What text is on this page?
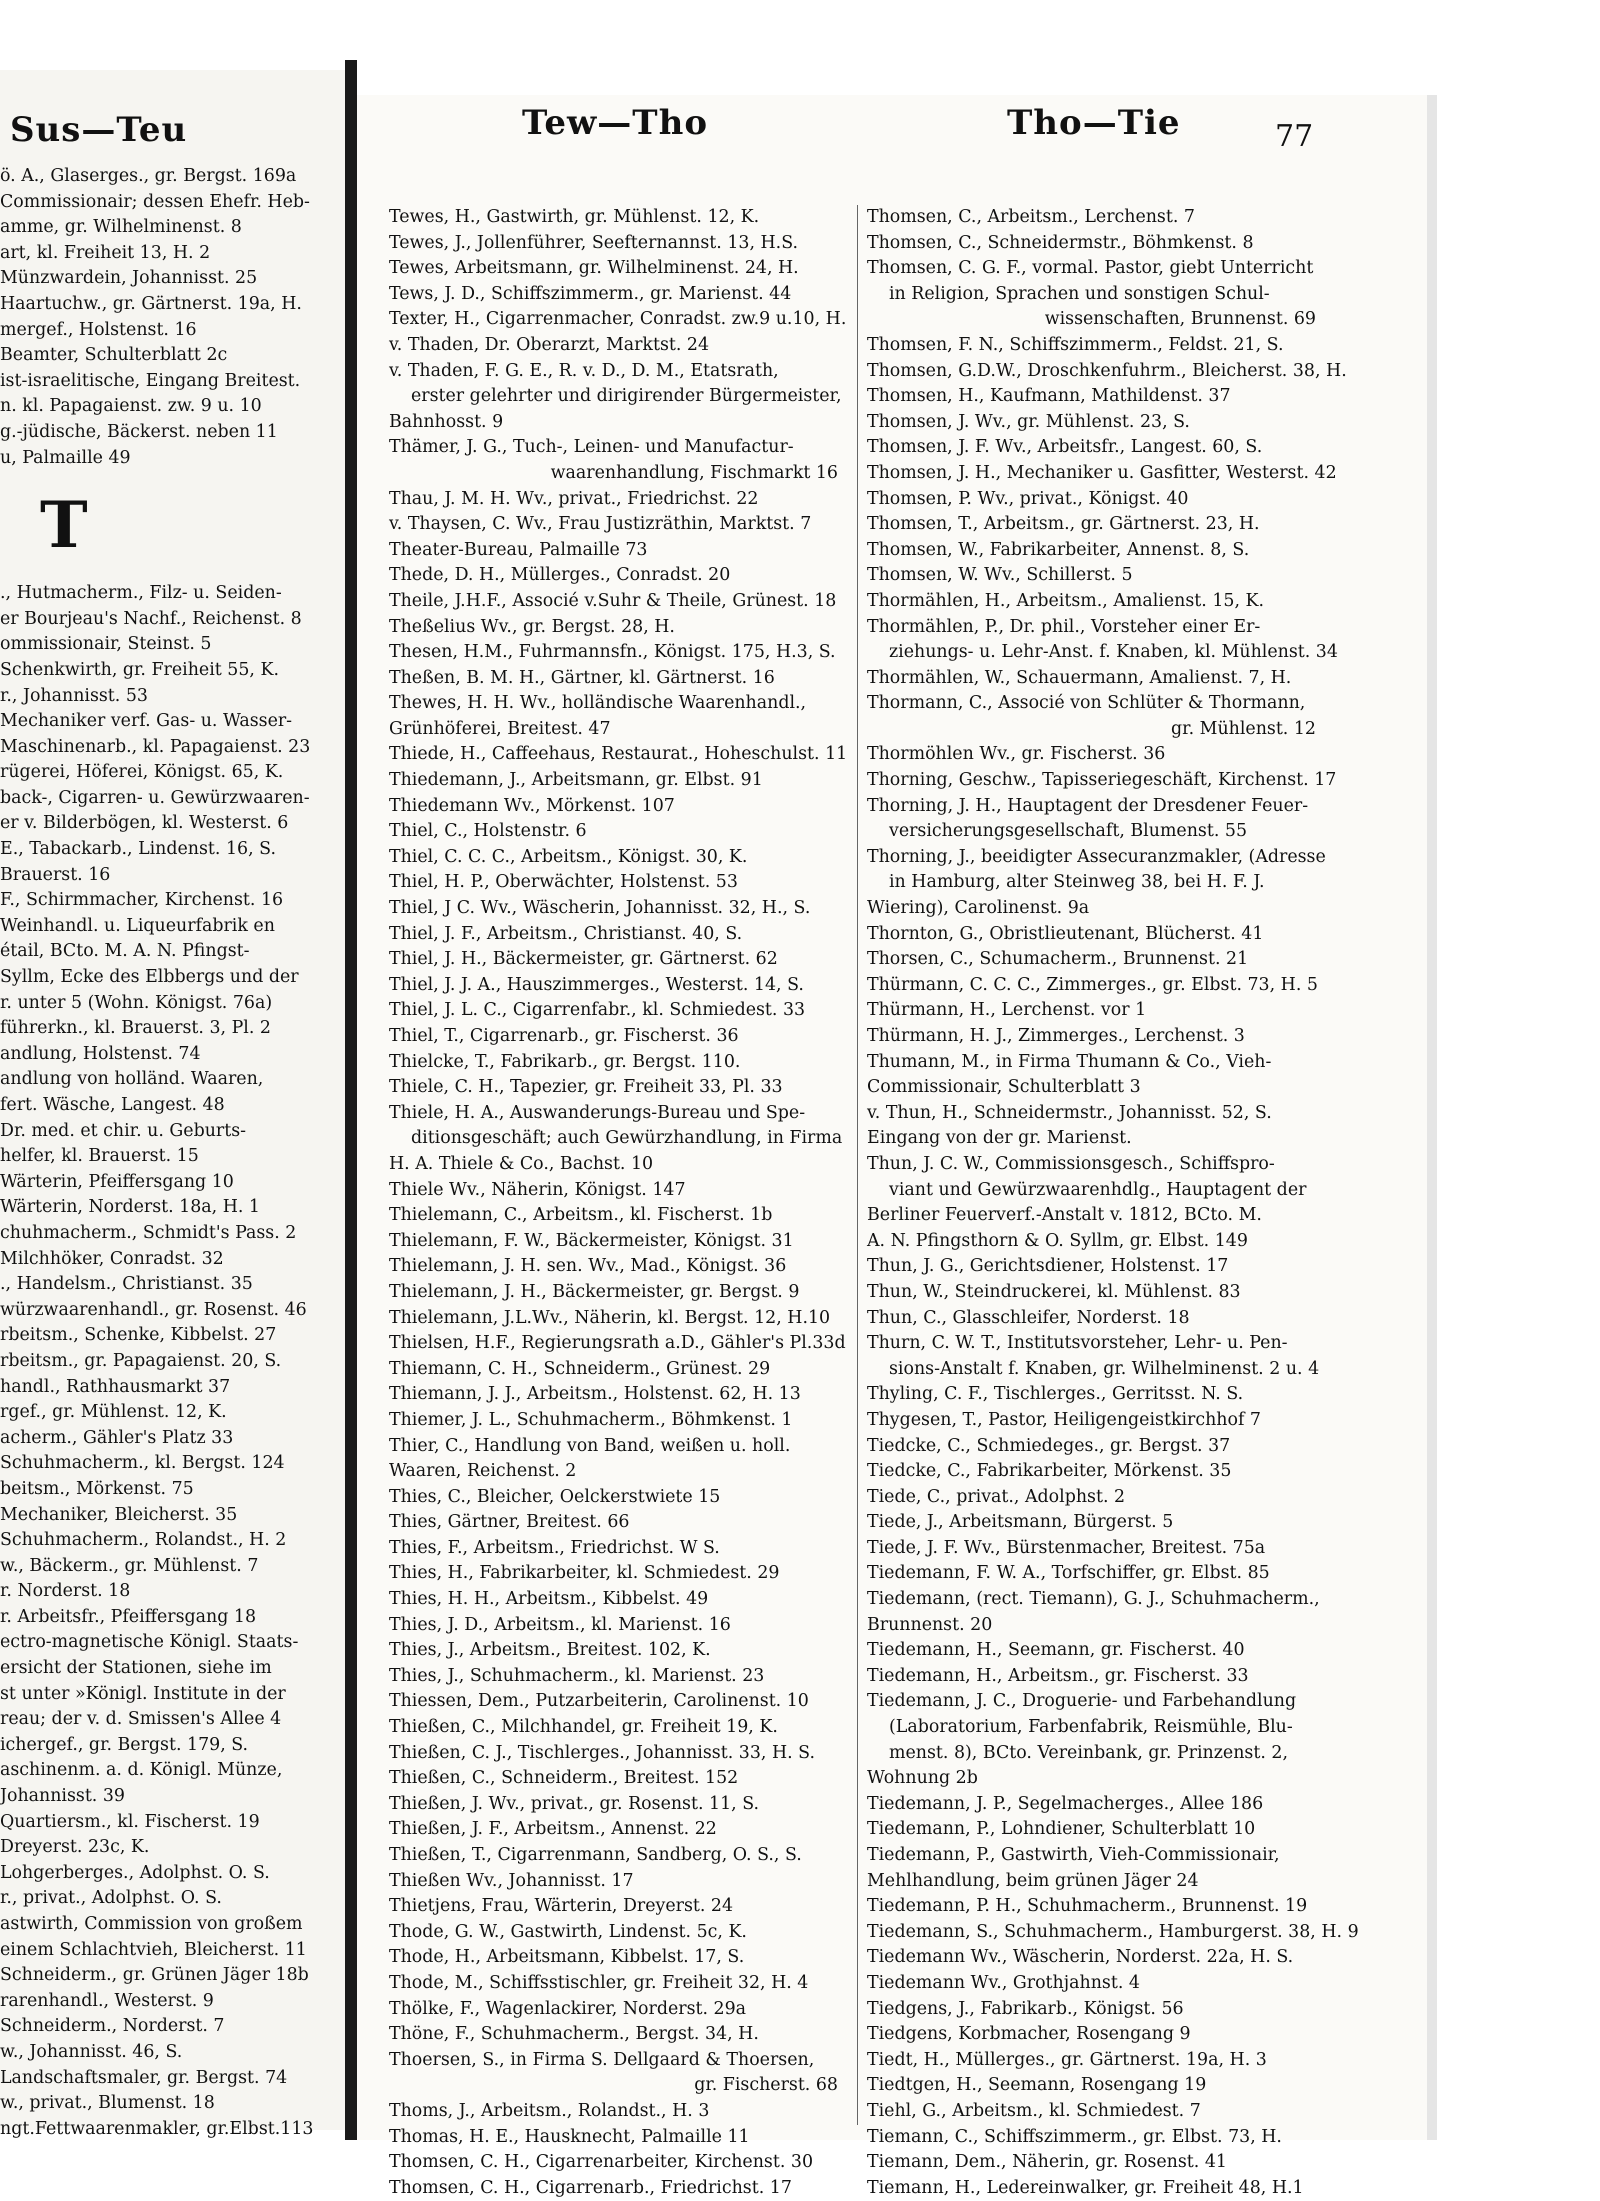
Sus—Teu
ö. A., Glaserges., gr. Bergst. 169a
Commissionair; dessen Ehefr. Heb-
amme, gr. Wilhelminenst. 8
art, kl. Freiheit 13, H. 2
Münzwardein, Johannisst. 25
Haartuchw., gr. Gärtnerst. 19a, H.
mergef., Holstenst. 16
Beamter, Schulterblatt 2c
ist-israelitische, Eingang Breitest.
n. kl. Papagaienst. zw. 9 u. 10
g.-jüdische, Bäckerst. neben 11
u, Palmaille 49
T
., Hutmacherm., Filz- u. Seiden-
er Bourjeau's Nachf., Reichenst. 8
ommissionair, Steinst. 5
Schenkwirth, gr. Freiheit 55, K.
r., Johannisst. 53
Mechaniker verf. Gas- u. Wasser-
Maschinenarb., kl. Papagaienst. 23
rügerei, Höferei, Königst. 65, K.
back-, Cigarren- u. Gewürzwaaren-
er v. Bilderbögen, kl. Westerst. 6
E., Tabackarb., Lindenst. 16, S.
Brauerst. 16
F., Schirmmacher, Kirchenst. 16
Weinhandl. u. Liqueurfabrik en
étail, BCto. M. A. N. Pfingst-
Syllm, Ecke des Elbbergs und der
r. unter 5 (Wohn. Königst. 76a)
führerkn., kl. Brauerst. 3, Pl. 2
andlung, Holstenst. 74
andlung von holländ. Waaren,
fert. Wäsche, Langest. 48
Dr. med. et chir. u. Geburts-
helfer, kl. Brauerst. 15
Wärterin, Pfeiffersgang 10
Wärterin, Norderst. 18a, H. 1
chuhmacherm., Schmidt's Pass. 2
Milchhöker, Conradst. 32
., Handelsm., Christianst. 35
würzwaarenhandl., gr. Rosenst. 46
rbeitsm., Schenke, Kibbelst. 27
rbeitsm., gr. Papagaienst. 20, S.
handl., Rathhausmarkt 37
rgef., gr. Mühlenst. 12, K.
acherm., Gähler's Platz 33
Schuhmacherm., kl. Bergst. 124
beitsm., Mörkenst. 75
Mechaniker, Bleicherst. 35
Schuhmacherm., Rolandst., H. 2
w., Bäckerm., gr. Mühlenst. 7
r. Norderst. 18
r. Arbeitsfr., Pfeiffersgang 18
ectro-magnetische Königl. Staats-
ersicht der Stationen, siehe im
st unter »Königl. Institute in der
reau; der v. d. Smissen's Allee 4
ichergef., gr. Bergst. 179, S.
aschinenm. a. d. Königl. Münze,
Johannisst. 39
Quartiersm., kl. Fischerst. 19
Dreyerst. 23c, K.
Lohgerberges., Adolphst. O. S.
r., privat., Adolphst. O. S.
astwirth, Commission von großem
einem Schlachtvieh, Bleicherst. 11
Schneiderm., gr. Grünen Jäger 18b
rarenhandl., Westerst. 9
Schneiderm., Norderst. 7
w., Johannisst. 46, S.
Landschaftsmaler, gr. Bergst. 74
w., privat., Blumenst. 18
ngt.Fettwaarenmakler, gr.Elbst.113
Tew—Tho	Tho—Tie	77
Tewes, H., Gastwirth, gr. Mühlenst. 12, K.
Tewes, J., Jollenführer, Seefternannst. 13, H.S.
Tewes, Arbeitsmann, gr. Wilhelminenst. 24, H.
Tews, J. D., Schiffszimmerm., gr. Marienst. 44
Texter, H., Cigarrenmacher, Conradst. zw.9 u.10, H.
v. Thaden, Dr. Oberarzt, Marktst. 24
v. Thaden, F. G. E., R. v. D., D. M., Etatsrath,
erster gelehrter und dirigirender Bürgermeister,
Bahnhosst. 9
Thämer, J. G., Tuch-, Leinen- und Manufactur-
waarenhandlung, Fischmarkt 16
Thau, J. M. H. Wv., privat., Friedrichst. 22
v. Thaysen, C. Wv., Frau Justizräthin, Marktst. 7
Theater-Bureau, Palmaille 73
Thede, D. H., Müllerges., Conradst. 20
Theile, J.H.F., Associé v.Suhr & Theile, Grünest. 18
Theßelius Wv., gr. Bergst. 28, H.
Thesen, H.M., Fuhrmannsfn., Königst. 175, H.3, S.
Theßen, B. M. H., Gärtner, kl. Gärtnerst. 16
Thewes, H. H. Wv., holländische Waarenhandl.,
Grünhöferei, Breitest. 47
Thiede, H., Caffeehaus, Restaurat., Hoheschulst. 11
Thiedemann, J., Arbeitsmann, gr. Elbst. 91
Thiedemann Wv., Mörkenst. 107
Thiel, C., Holstenstr. 6
Thiel, C. C. C., Arbeitsm., Königst. 30, K.
Thiel, H. P., Oberwächter, Holstenst. 53
Thiel, J C. Wv., Wäscherin, Johannisst. 32, H., S.
Thiel, J. F., Arbeitsm., Christianst. 40, S.
Thiel, J. H., Bäckermeister, gr. Gärtnerst. 62
Thiel, J. J. A., Hauszimmerges., Westerst. 14, S.
Thiel, J. L. C., Cigarrenfabr., kl. Schmiedest. 33
Thiel, T., Cigarrenarb., gr. Fischerst. 36
Thielcke, T., Fabrikarb., gr. Bergst. 110.
Thiele, C. H., Tapezier, gr. Freiheit 33, Pl. 33
Thiele, H. A., Auswanderungs-Bureau und Spe-
ditionsgeschäft; auch Gewürzhandlung, in Firma
H. A. Thiele & Co., Bachst. 10
Thiele Wv., Näherin, Königst. 147
Thielemann, C., Arbeitsm., kl. Fischerst. 1b
Thielemann, F. W., Bäckermeister, Königst. 31
Thielemann, J. H. sen. Wv., Mad., Königst. 36
Thielemann, J. H., Bäckermeister, gr. Bergst. 9
Thielemann, J.L.Wv., Näherin, kl. Bergst. 12, H.10
Thielsen, H.F., Regierungsrath a.D., Gähler's Pl.33d
Thiemann, C. H., Schneiderm., Grünest. 29
Thiemann, J. J., Arbeitsm., Holstenst. 62, H. 13
Thiemer, J. L., Schuhmacherm., Böhmkenst. 1
Thier, C., Handlung von Band, weißen u. holl.
Waaren, Reichenst. 2
Thies, C., Bleicher, Oelckerstwiete 15
Thies, Gärtner, Breitest. 66
Thies, F., Arbeitsm., Friedrichst. W S.
Thies, H., Fabrikarbeiter, kl. Schmiedest. 29
Thies, H. H., Arbeitsm., Kibbelst. 49
Thies, J. D., Arbeitsm., kl. Marienst. 16
Thies, J., Arbeitsm., Breitest. 102, K.
Thies, J., Schuhmacherm., kl. Marienst. 23
Thiessen, Dem., Putzarbeiterin, Carolinenst. 10
Thießen, C., Milchhandel, gr. Freiheit 19, K.
Thießen, C. J., Tischlerges., Johannisst. 33, H. S.
Thießen, C., Schneiderm., Breitest. 152
Thießen, J. Wv., privat., gr. Rosenst. 11, S.
Thießen, J. F., Arbeitsm., Annenst. 22
Thießen, T., Cigarrenmann, Sandberg, O. S., S.
Thießen Wv., Johannisst. 17
Thietjens, Frau, Wärterin, Dreyerst. 24
Thode, G. W., Gastwirth, Lindenst. 5c, K.
Thode, H., Arbeitsmann, Kibbelst. 17, S.
Thode, M., Schiffsstischler, gr. Freiheit 32, H. 4
Thölke, F., Wagenlackirer, Norderst. 29a
Thöne, F., Schuhmacherm., Bergst. 34, H.
Thoersen, S., in Firma S. Dellgaard & Thoersen,
gr. Fischerst. 68
Thoms, J., Arbeitsm., Rolandst., H. 3
Thomas, H. E., Hausknecht, Palmaille 11
Thomsen, C. H., Cigarrenarbeiter, Kirchenst. 30
Thomsen, C. H., Cigarrenarb., Friedrichst. 17
Thomsen, C., Arbeitsm., Lerchenst. 7
Thomsen, C., Schneidermstr., Böhmkenst. 8
Thomsen, C. G. F., vormal. Pastor, giebt Unterricht
in Religion, Sprachen und sonstigen Schul-
wissenschaften, Brunnenst. 69
Thomsen, F. N., Schiffszimmerm., Feldst. 21, S.
Thomsen, G.D.W., Droschkenfuhrm., Bleicherst. 38, H.
Thomsen, H., Kaufmann, Mathildenst. 37
Thomsen, J. Wv., gr. Mühlenst. 23, S.
Thomsen, J. F. Wv., Arbeitsfr., Langest. 60, S.
Thomsen, J. H., Mechaniker u. Gasfitter, Westerst. 42
Thomsen, P. Wv., privat., Königst. 40
Thomsen, T., Arbeitsm., gr. Gärtnerst. 23, H.
Thomsen, W., Fabrikarbeiter, Annenst. 8, S.
Thomsen, W. Wv., Schillerst. 5
Thormählen, H., Arbeitsm., Amalienst. 15, K.
Thormählen, P., Dr. phil., Vorsteher einer Er-
ziehungs- u. Lehr-Anst. f. Knaben, kl. Mühlenst. 34
Thormählen, W., Schauermann, Amalienst. 7, H.
Thormann, C., Associé von Schlüter & Thormann,
gr. Mühlenst. 12
Thormöhlen Wv., gr. Fischerst. 36
Thorning, Geschw., Tapisseriegeschäft, Kirchenst. 17
Thorning, J. H., Hauptagent der Dresdener Feuer-
versicherungsgesellschaft, Blumenst. 55
Thorning, J., beeidigter Assecuranzmakler, (Adresse
in Hamburg, alter Steinweg 38, bei H. F. J.
Wiering), Carolinenst. 9a
Thornton, G., Obristlieutenant, Blücherst. 41
Thorsen, C., Schumacherm., Brunnenst. 21
Thürmann, C. C. C., Zimmerges., gr. Elbst. 73, H. 5
Thürmann, H., Lerchenst. vor 1
Thürmann, H. J., Zimmerges., Lerchenst. 3
Thumann, M., in Firma Thumann & Co., Vieh-
Commissionair, Schulterblatt 3
v. Thun, H., Schneidermstr., Johannisst. 52, S.
Eingang von der gr. Marienst.
Thun, J. C. W., Commissionsgesch., Schiffspro-
viant und Gewürzwaarenhdlg., Hauptagent der
Berliner Feuerverf.-Anstalt v. 1812, BCto. M.
A. N. Pfingsthorn & O. Syllm, gr. Elbst. 149
Thun, J. G., Gerichtsdiener, Holstenst. 17
Thun, W., Steindruckerei, kl. Mühlenst. 83
Thun, C., Glasschleifer, Norderst. 18
Thurn, C. W. T., Institutsvorsteher, Lehr- u. Pen-
sions-Anstalt f. Knaben, gr. Wilhelminenst. 2 u. 4
Thyling, C. F., Tischlerges., Gerritsst. N. S.
Thygesen, T., Pastor, Heiligengeistkirchhof 7
Tiedcke, C., Schmiedeges., gr. Bergst. 37
Tiedcke, C., Fabrikarbeiter, Mörkenst. 35
Tiede, C., privat., Adolphst. 2
Tiede, J., Arbeitsmann, Bürgerst. 5
Tiede, J. F. Wv., Bürstenmacher, Breitest. 75a
Tiedemann, F. W. A., Torfschiffer, gr. Elbst. 85
Tiedemann, (rect. Tiemann), G. J., Schuhmacherm.,
Brunnenst. 20
Tiedemann, H., Seemann, gr. Fischerst. 40
Tiedemann, H., Arbeitsm., gr. Fischerst. 33
Tiedemann, J. C., Droguerie- und Farbehandlung
(Laboratorium, Farbenfabrik, Reismühle, Blu-
menst. 8), BCto. Vereinbank, gr. Prinzenst. 2,
Wohnung 2b
Tiedemann, J. P., Segelmacherges., Allee 186
Tiedemann, P., Lohndiener, Schulterblatt 10
Tiedemann, P., Gastwirth, Vieh-Commissionair,
Mehlhandlung, beim grünen Jäger 24
Tiedemann, P. H., Schuhmacherm., Brunnenst. 19
Tiedemann, S., Schuhmacherm., Hamburgerst. 38, H. 9
Tiedemann Wv., Wäscherin, Norderst. 22a, H. S.
Tiedemann Wv., Grothjahnst. 4
Tiedgens, J., Fabrikarb., Königst. 56
Tiedgens, Korbmacher, Rosengang 9
Tiedt, H., Müllerges., gr. Gärtnerst. 19a, H. 3
Tiedtgen, H., Seemann, Rosengang 19
Tiehl, G., Arbeitsm., kl. Schmiedest. 7
Tiemann, C., Schiffszimmerm., gr. Elbst. 73, H.
Tiemann, Dem., Näherin, gr. Rosenst. 41
Tiemann, H., Ledereinwalker, gr. Freiheit 48, H.1
